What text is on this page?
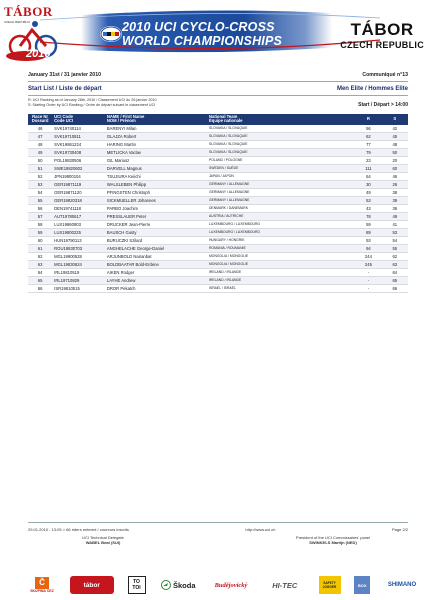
TÁBOR
CZECH REPUBLIC
2010
2010 UCI CYCLO-CROSS
WORLD CHAMPIONSHIPS
TÁBOR
CZECH REPUBLIC
January 31st / 31 janvier 2010	Communiqué n°13
Start List / Liste de départ	Men Elite / Hommes Elite
R: UCI Ranking as of January 26th, 2010 / Classement UCI du 26 janvier 2010
S: Starting Order by UCI Ranking / Ordre de départ suivant le classement UCI	Start / Départ > 14:00
Race Nr
Dossard	UCI Code
Code UCI	NAME / First Name
NOM / Prénom	National Team
Équipe nationale	R	S
46	SVK19740114	BARENYI Milan	SLOVAKIA / SLOVAQUIE	56	42
47	SVK19710811	GLAJZA Robert	SLOVAKIA / SLOVAQUIE	62	45
48	SVK19861224	HARING Martin	SLOVAKIA / SLOVAQUIE	77	48
49	SVK19730408	METLICKA Vaclav	SLOVAKIA / SLOVAQUIE	79	50
50	POL19830506	GIL Mariusz	POLAND / POLOGNE	23	20
51	SWE19820602	DARVELL Magnus	SWEDEN / SUÈDE	111	60
52	JPN19800104	TSUJIURA Keiichi	JAPAN / JAPON	64	46
53	GER19871119	WALSLEBEN Philipp	GERMANY / ALLEMAGNE	30	26
54	GER19871120	PFINGSTEN Christoph	GERMANY / ALLEMAGNE	49	38
55	GER19820318	SICKMUELLER Johannes	GERMANY / ALLEMAGNE	53	39
56	DEN19741118	PARBO Joachim	DENMARK / DANEMARK	43	36
57	AUT19780617	PRESSLAUER Peter	AUSTRIA / AUTRICHE	78	49
58	LUX19860903	DRUCKER Jean-Pierre	LUXEMBOURG / LUXEMBOURG	59	41
59	LUX19800225	BAUSCH Gusty	LUXEMBOURG / LUXEMBOURG	89	53
60	HUN19790113	BURUCZKI Szilard	HUNGARY / HONGRIE	93	54
61	ROU19830703	ANGHELACHE George-Daniel	ROMANIA / ROUMANIE	94	55
62	MGL19900528	ARJUNBOLD Nairanbat	MONGOLIA / MONGOLIE	244	62
63	MGL19830624	BOLDBAATAR Bold-Erdene	MONGOLIA / MONGOLIE	245	63
64	IRL19810519	AIKEN Rodger	IRELAND / IRLANDE	-	64
65	IRL19710829	LAYHE Andrew	IRELAND / IRLANDE	-	65
66	ISR19810515	DROR Pekatch	ISRAEL / ISRAËL	-	66
29.01.2010 - 13:05 > 66 riders entered / coureurs inscrits	http://www.uci.ch	Page 2/2
UCI Technical Delegate
WABEL Beat (SUI)
President of the UCI Commissaires' panel
SWINKELS Martijn (NED)
Č
SKUPINA ČEZ
tábor	TO TOI	Škoda	Budějovický	HI-TEC	SAFETY JOGGER	BOX	SHIMANO
